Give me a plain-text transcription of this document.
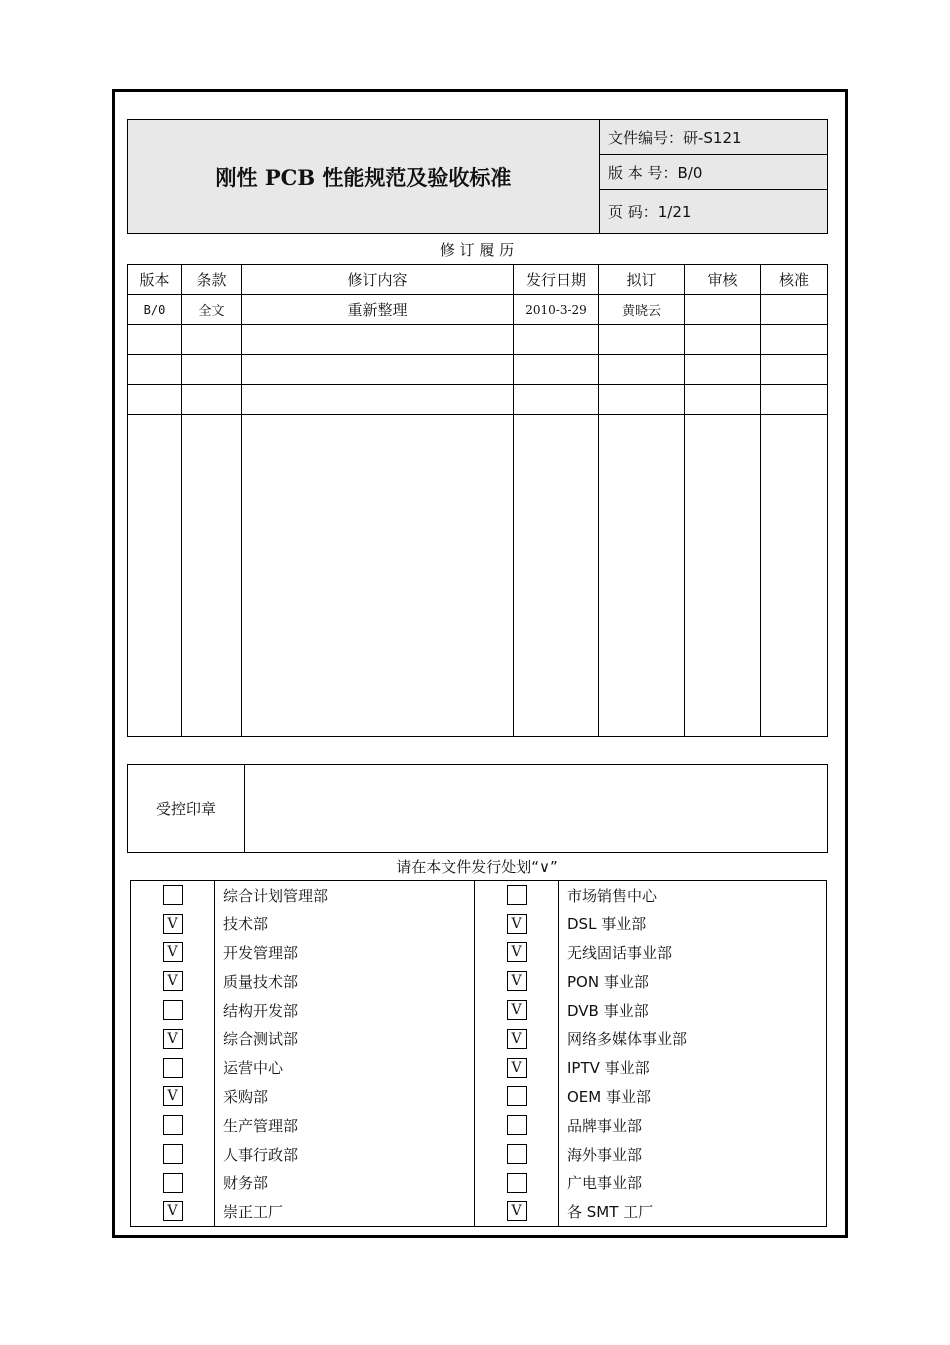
刚性 PCB 性能规范及验收标准	文件编号：研-S121
版 本 号：B/0
页 码：1/21
修 订 履 历
版本	条款	修订内容	发行日期	拟订	审核	核准
B/0	全文	重新整理	2010-3-29	黄晓云		

受控印章	
请在本文件发行处划“∨”
	综合计划管理部		市场销售中心
V	技术部	V	DSL 事业部
V	开发管理部	V	无线固话事业部
V	质量技术部	V	PON 事业部
	结构开发部	V	DVB 事业部
V	综合测试部	V	网络多媒体事业部
	运营中心	V	IPTV 事业部
V	采购部		OEM 事业部
	生产管理部		品牌事业部
	人事行政部		海外事业部
	财务部		广电事业部
V	崇正工厂	V	各 SMT 工厂
